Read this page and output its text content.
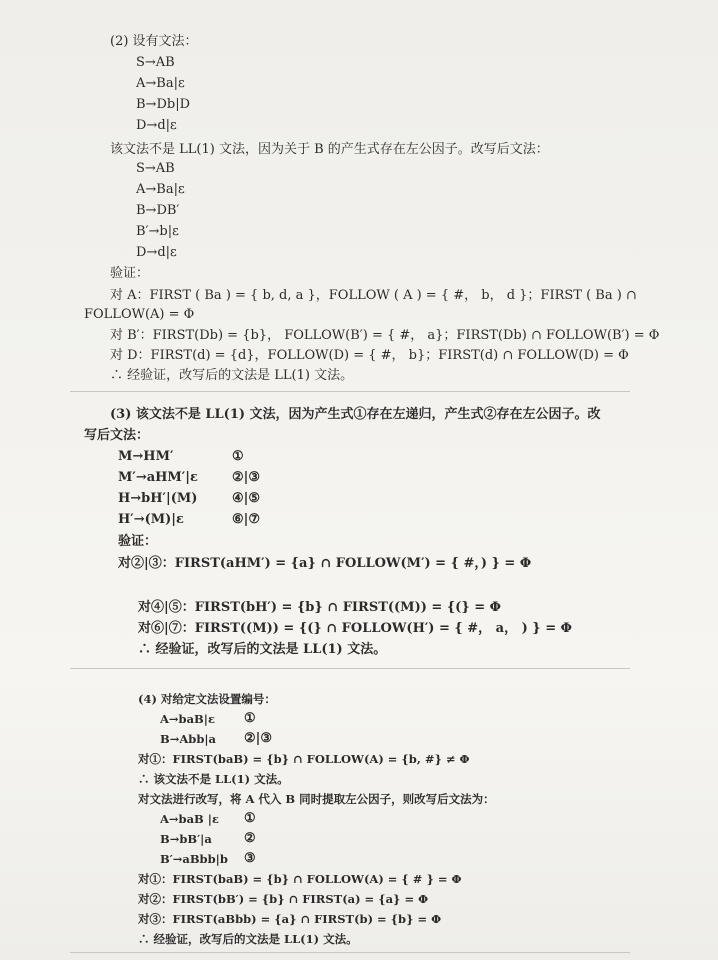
(2) 设有文法：
S→AB
A→Ba|ε
B→Db|D
D→d|ε
该文法不是 LL(1) 文法，因为关于 B 的产生式存在左公因子。改写后文法：
S→AB
A→Ba|ε
B→DB′
B′→b|ε
D→d|ε
验证：
对 A：FIRST ( Ba ) = { b, d, a }，FOLLOW ( A ) = { #， b， d }；FIRST ( Ba ) ∩
FOLLOW(A) = Φ
对 B′：FIRST(Db) = {b}， FOLLOW(B′) = { #， a}；FIRST(Db) ∩ FOLLOW(B′) = Φ
对 D：FIRST(d) = {d}，FOLLOW(D) = { #， b}；FIRST(d) ∩ FOLLOW(D) = Φ
∴ 经验证，改写后的文法是 LL(1) 文法。
(3) 该文法不是 LL(1) 文法，因为产生式①存在左递归，产生式②存在左公因子。改
写后文法：
M→HM′	①
M′→aHM′|ε	②|③
H→bH′|(M)	④|⑤
H′→(M)|ε	⑥|⑦
验证：
对②|③：FIRST(aHM′) = {a} ∩ FOLLOW(M′) = { #，) } = Φ
对④|⑤：FIRST(bH′) = {b} ∩ FIRST((M)) = {(} = Φ
对⑥|⑦：FIRST((M)) = {(} ∩ FOLLOW(H′) = { #， a， ) } = Φ
∴ 经验证，改写后的文法是 LL(1) 文法。
(4) 对给定文法设置编号：
A→baB|ε ①
B→Abb|a ②|③
对①：FIRST(baB) = {b} ∩ FOLLOW(A) = {b, #} ≠ Φ
∴ 该文法不是 LL(1) 文法。
对文法进行改写，将 A 代入 B 同时提取左公因子，则改写后文法为：
A→baB |ε ①
B→bB′|a ②
B′→aBbb|b ③
对①：FIRST(baB) = {b} ∩ FOLLOW(A) = { # } = Φ
对②：FIRST(bB′) = {b} ∩ FIRST(a) = {a} = Φ
对③：FIRST(aBbb) = {a} ∩ FIRST(b) = {b} = Φ
∴ 经验证，改写后的文法是 LL(1) 文法。
